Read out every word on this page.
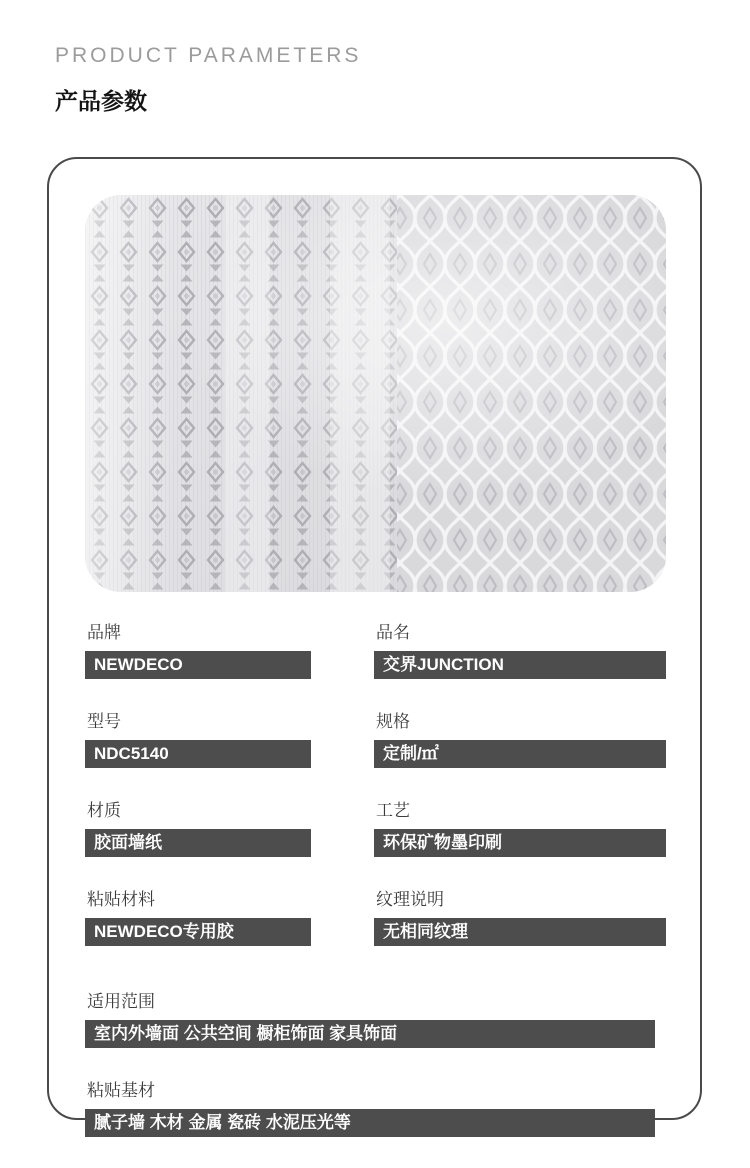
PRODUCT PARAMETERS
产品参数
品牌
NEWDECO
品名
交界JUNCTION
型号
NDC5140
规格
定制/㎡
材质
胶面墙纸
工艺
环保矿物墨印刷
粘贴材料
NEWDECO专用胶
纹理说明
无相同纹理
适用范围
室内外墙面 公共空间 橱柜饰面 家具饰面
粘贴基材
腻子墙 木材 金属 瓷砖 水泥压光等
